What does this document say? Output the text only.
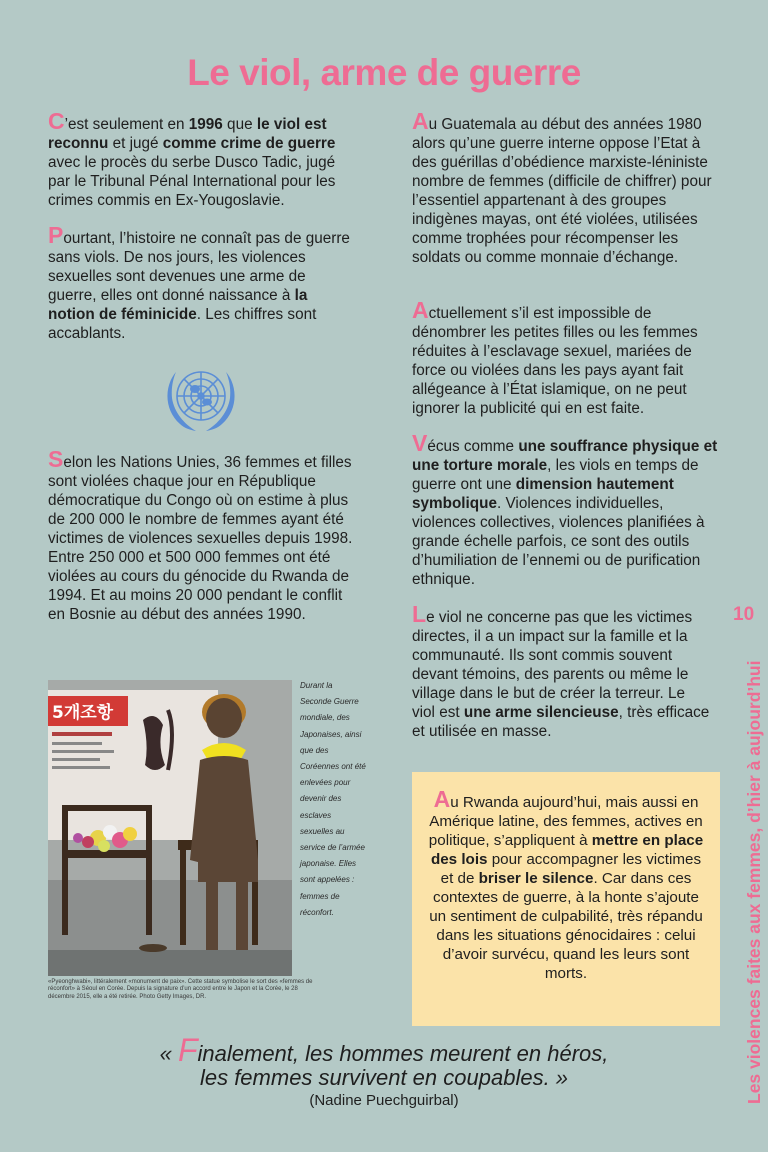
Le viol, arme de guerre

C’est seulement en 1996 que le viol est reconnu et jugé comme crime de guerre avec le procès du serbe Dusco Tadic, jugé par le Tribunal Pénal International pour les crimes commis en Ex-Yougoslavie.

Pourtant, l’histoire ne connaît pas de guerre sans viols. De nos jours, les violences sexuelles sont devenues une arme de guerre, elles ont donné naissance à la notion de féminicide. Les chiffres sont accablants.

Selon les Nations Unies, 36 femmes et filles sont violées chaque jour en République démocratique du Congo où on estime à plus de 200 000 le nombre de femmes ayant été victimes de violences sexuelles depuis 1998. Entre 250 000 et 500 000 femmes ont été violées au cours du génocide du Rwanda de 1994. Et au moins 20 000 pendant le conflit en Bosnie au début des années 1990.

5개조항
Durant la Seconde Guerre mondiale, des Japonaises, ainsi que des Coréennes ont été enlevées pour devenir des esclaves sexuelles au service de l’armée japonaise. Elles sont appelées : femmes de réconfort.
«Pyeonghwabi», littéralement «monument de paix». Cette statue symbolise le sort des «femmes de réconfort» à Séoul en Corée. Depuis la signature d’un accord entre le Japon et la Corée, le 28 décembre 2015, elle a été retirée. Photo Getty Images, DR.

Au Guatemala au début des années 1980 alors qu’une guerre interne oppose l’Etat à des guérillas d’obédience marxiste-léniniste nombre de femmes (difficile de chiffrer) pour l’essentiel appartenant à des groupes indigènes mayas, ont été violées, utilisées comme trophées pour récompenser les soldats ou comme monnaie d’échange.

Actuellement s’il est impossible de dénombrer les petites filles ou les femmes réduites à l’esclavage sexuel, mariées de force ou violées dans les pays ayant fait allégeance à l’État islamique, on ne peut ignorer la publicité qui en est faite.

Vécus comme une souffrance physique et une torture morale, les viols en temps de guerre ont une dimension hautement symbolique. Violences individuelles, violences collectives, violences planifiées à grande échelle parfois, ce sont des outils d’humiliation de l’ennemi ou de purification ethnique.

Le viol ne concerne pas que les victimes directes, il a un impact sur la famille et la communauté. Ils sont commis souvent devant témoins, des parents ou même le village dans le but de créer la terreur. Le viol est une arme silencieuse, très efficace et utilisée en masse.

Au Rwanda aujourd’hui, mais aussi en Amérique latine, des femmes, actives en politique, s’appliquent à mettre en place des lois pour accompagner les victimes et de briser le silence. Car dans ces contextes de guerre, à la honte s’ajoute un sentiment de culpabilité, très répandu dans les situations génocidaires : celui d’avoir survécu, quand les leurs sont morts.
« Finalement, les hommes meurent en héros,
les femmes survivent en coupables. »
(Nadine Puechguirbal)
10
Les violences faites aux femmes, d’hier à aujourd’hui
